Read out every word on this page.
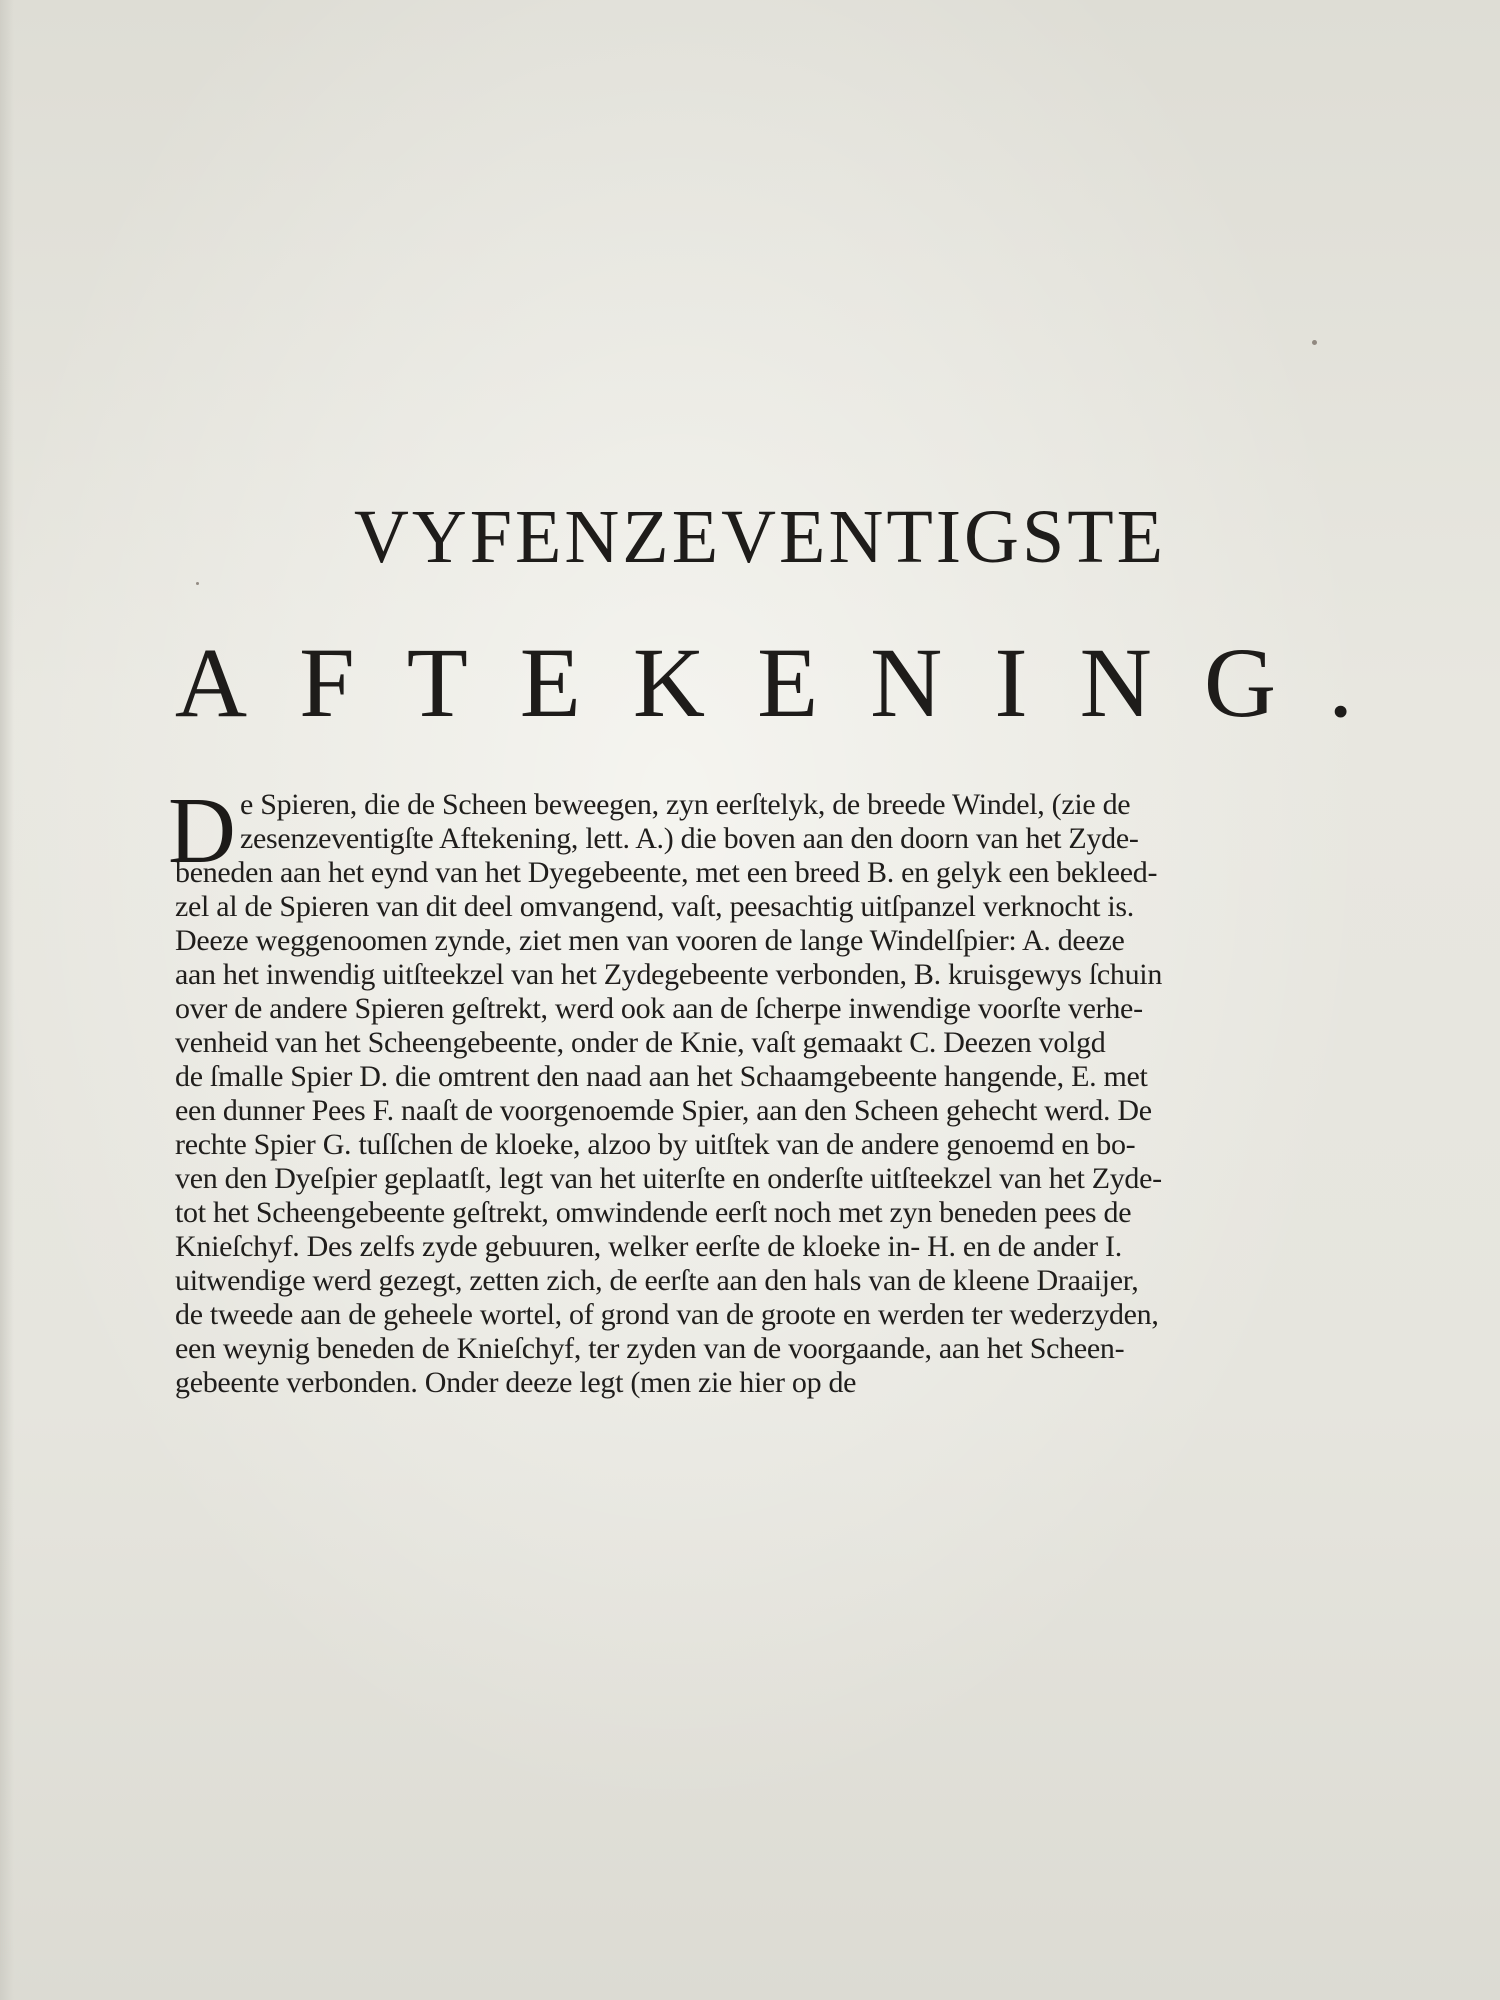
VYFENZEVENTIGSTE
AFTEKENING.
D e Spieren, die de Scheen beweegen, zyn eerſtelyk, de breede Windel, (zie de
zesenzeventigſte Aftekening, lett. A.) die boven aan den doorn van het Zyde-
beneden aan het eynd van het Dyegebeente, met een breed B. en gelyk een bekleed-
zel al de Spieren van dit deel omvangend, vaſt, peesachtig uitſpanzel verknocht is.
Deeze weggenoomen zynde, ziet men van vooren de lange Windelſpier: A. deeze
aan het inwendig uitſteekzel van het Zydegebeente verbonden, B. kruisgewys ſchuin
over de andere Spieren geſtrekt, werd ook aan de ſcherpe inwendige voorſte verhe-
venheid van het Scheengebeente, onder de Knie, vaſt gemaakt C. Deezen volgd
de ſmalle Spier D. die omtrent den naad aan het Schaamgebeente hangende, E. met
een dunner Pees F. naaſt de voorgenoemde Spier, aan den Scheen gehecht werd. De
rechte Spier G. tuſſchen de kloeke, alzoo by uitſtek van de andere genoemd en bo-
ven den Dyeſpier geplaatſt, legt van het uiterſte en onderſte uitſteekzel van het Zyde-
tot het Scheengebeente geſtrekt, omwindende eerſt noch met zyn beneden pees de
Knieſchyf. Des zelfs zyde gebuuren, welker eerſte de kloeke in- H. en de ander I.
uitwendige werd gezegt, zetten zich, de eerſte aan den hals van de kleene Draaijer,
de tweede aan de geheele wortel, of grond van de groote en werden ter wederzyden,
een weynig beneden de Knieſchyf, ter zyden van de voorgaande, aan het Scheen-
gebeente verbonden. Onder deeze legt (men zie hier op de
